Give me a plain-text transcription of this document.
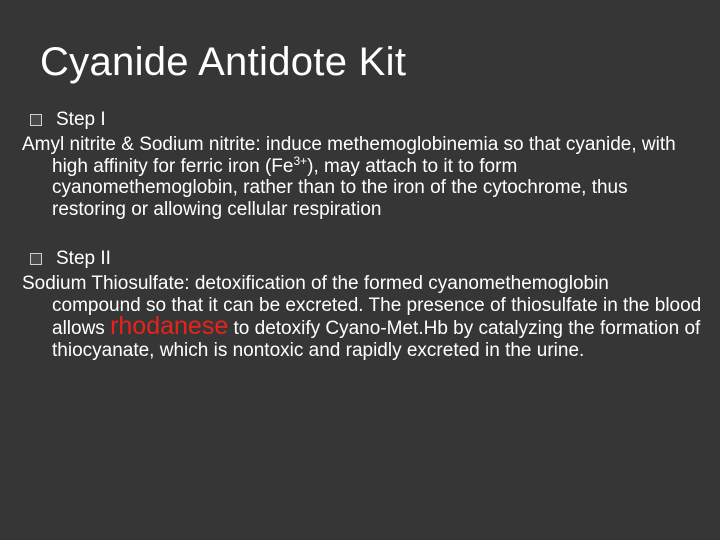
Cyanide Antidote Kit
Step I

Amyl nitrite & Sodium nitrite: induce methemoglobinemia so that cyanide, with high affinity for ferric iron $(Fe^{3+})$, may attach to it to form cyanomethemoglobin, rather than to the iron of the cytochrome, thus restoring or allowing cellular respiration

Step II

Sodium Thiosulfate: detoxification of the formed cyanomethemoglobin compound so that it can be excreted. The presence of thiosulfate in the blood allows rhodanese to detoxify Cyano-Met.Hb by catalyzing the formation of thiocyanate, which is nontoxic and rapidly excreted in the urine.
